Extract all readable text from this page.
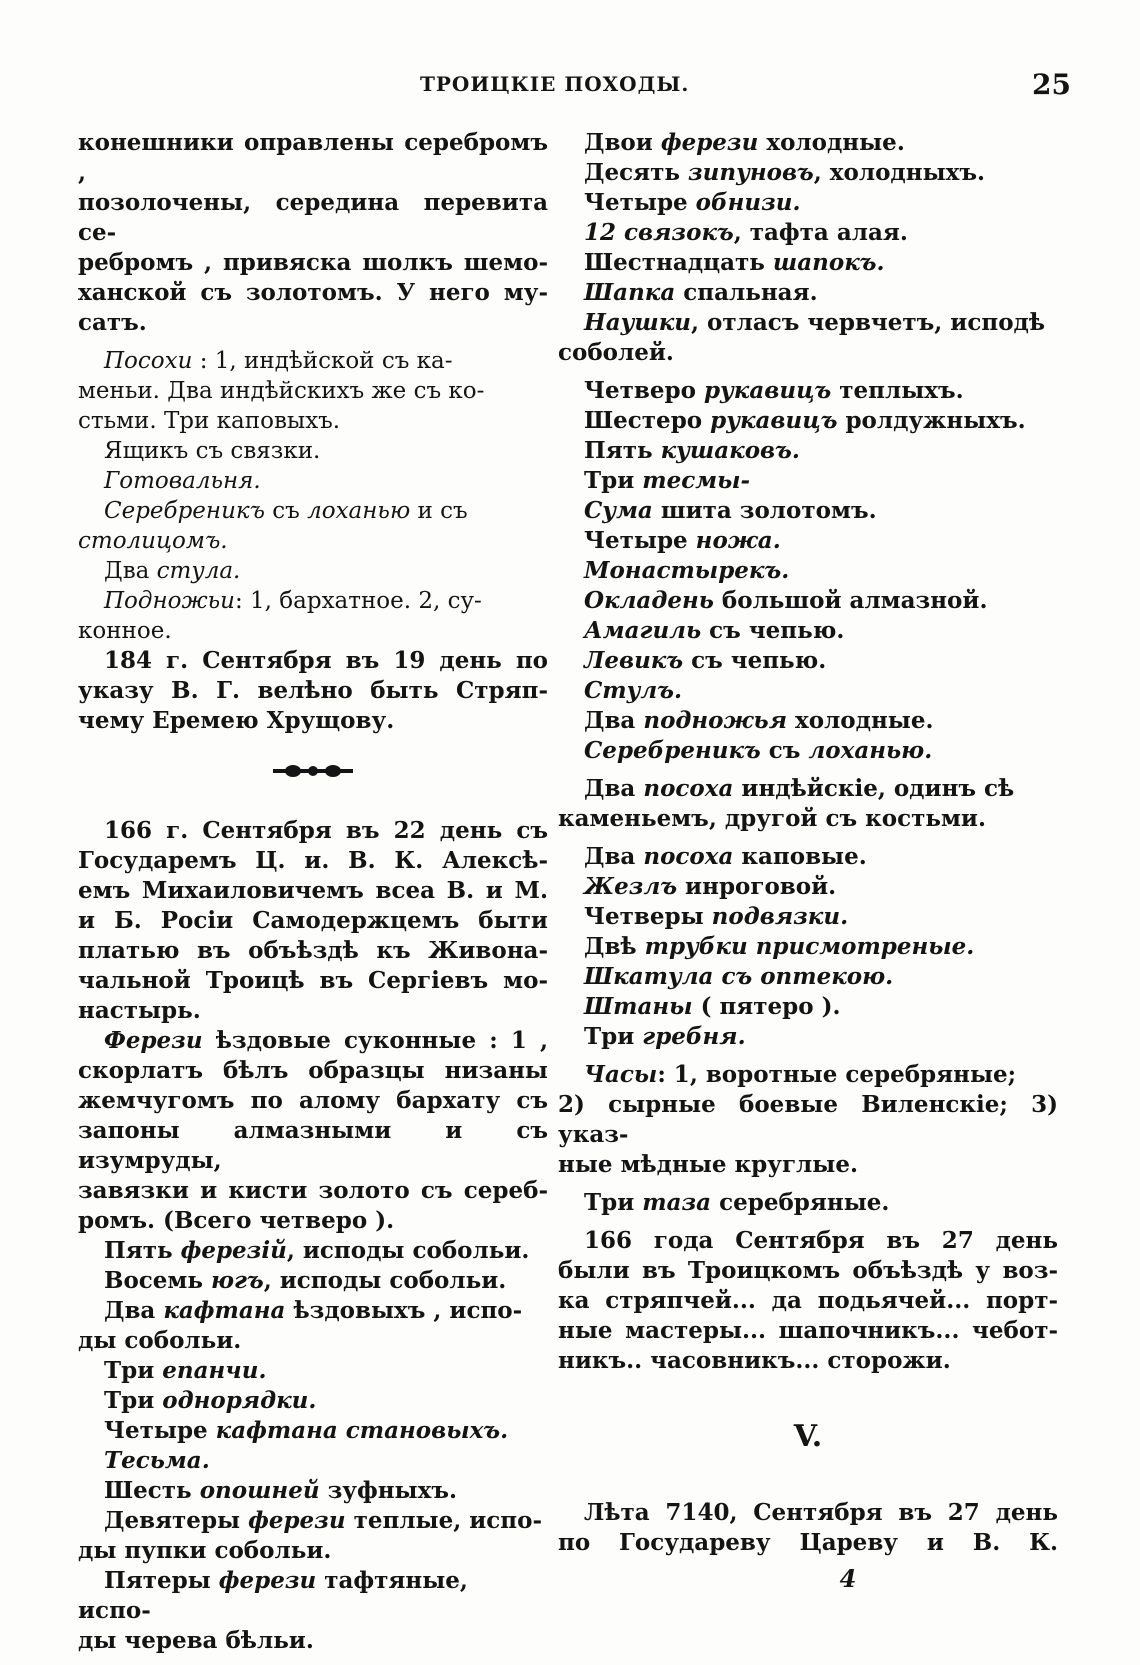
ТРОИЦКІЕ ПОХОДЫ.	25
конешники оправлены серебромъ ,
позолочены, середина перевита се-
ребромъ , привяска шолкъ шемо-
ханской съ золотомъ. У него му-
сатъ.
Посохи : 1, индѣйской съ ка-
меньи. Два индѣйскихъ же съ ко-
стьми. Три каповыхъ.
Ящикъ съ связки.
Готовальня.
Серебреникъ съ лоханью и съ
столицомъ.
Два стула.
Подножьи: 1, бархатное. 2, су-
конное.
184 г. Сентября въ 19 день по
указу В. Г. велѣно быть Стряп-
чему Еремею Хрущову.
166 г. Сентября въ 22 день съ
Государемъ Ц. и. В. К. Алексѣ-
емъ Михаиловичемъ всеа В. и М.
и Б. Росіи Самодержцемъ быти
платью въ объѣздѣ къ Живона-
чальной Троицѣ въ Сергіевъ мо-
настырь.
Ферези ѣздовые суконные : 1 ,
скорлатъ бѣлъ образцы низаны
жемчугомъ по алому бархату съ
запоны алмазными и съ изумруды,
завязки и кисти золото съ сереб-
ромъ. (Всего четверо ).
Пять ферезій, исподы собольи.
Восемь югъ, исподы собольи.
Два кафтана ѣздовыхъ , испо-
ды собольи.
Три епанчи.
Три однорядки.
Четыре кафтана становыхъ.
Тесьма.
Шесть опошней зуфныхъ.
Девятеры ферези теплые, испо-
ды пупки собольи.
Пятеры ферези тафтяные, испо-
ды черева бѣльи.
Двои ферези холодные.
Десять зипуновъ, холодныхъ.
Четыре обнизи.
12 связокъ, тафта алая.
Шестнадцать шапокъ.
Шапка спальная.
Наушки, отласъ червчетъ, исподѣ
соболей.
Четверо рукавицъ теплыхъ.
Шестеро рукавицъ ролдужныхъ.
Пять кушаковъ.
Три тесмы-
Сума шита золотомъ.
Четыре ножа.
Монастырекъ.
Окладень большой алмазной.
Амагиль съ чепью.
Левикъ съ чепью.
Стулъ.
Два подножья холодные.
Серебреникъ съ лоханью.
Два посоха индѣйскіе, одинъ сѣ
каменьемъ, другой съ костьми.
Два посоха каповые.
Жезлъ инроговой.
Четверы подвязки.
Двѣ трубки присмотреные.
Шкатула съ оптекою.
Штаны ( пятеро ).
Три гребня.
Часы: 1, воротные серебряные;
2) сырные боевые Виленскіе; 3) указ-
ные мѣдные круглые.
Три таза серебряные.
166 года Сентября въ 27 день
были въ Троицкомъ объѣздѣ у воз-
ка стряпчей... да подьячей... порт-
ные мастеры... шапочникъ... чебот-
никъ.. часовникъ... сторожи.
V.
Лѣта 7140, Сентября въ 27 день
по Государеву Цареву и В. К.
4
